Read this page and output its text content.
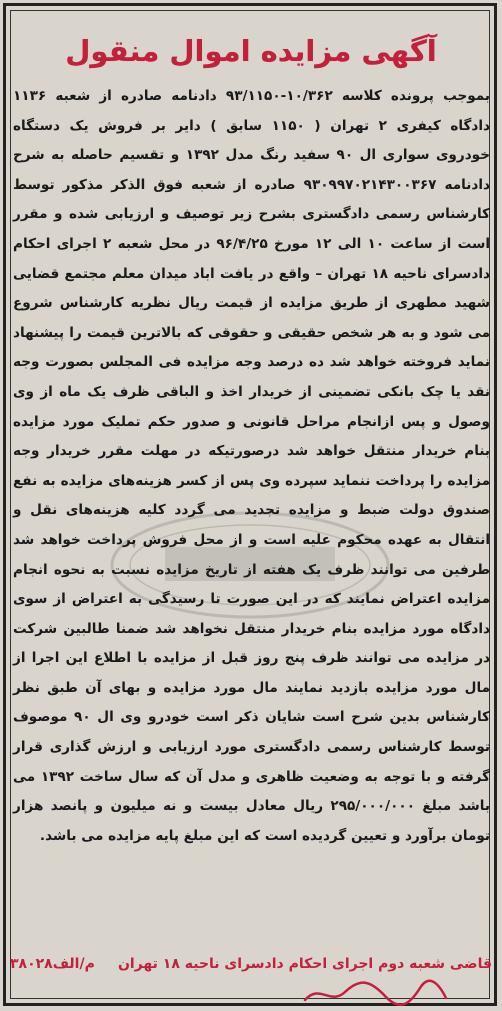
آگهی مزایده اموال منقول

بموجب پرونده کلاسه ۱۰/۳۶۲-۹۳/۱۱۵۰ دادنامه صادره از شعبه ۱۱۳۶ دادگاه کیفری ۲ تهران ( ۱۱۵۰ سابق ) دایر بر فروش یک دستگاه خودروی سواری ال ۹۰ سفید رنگ مدل ۱۳۹۲ و تقسیم حاصله به شرح دادنامه ۹۳۰۹۹۷۰۲۱۴۳۰۰۳۶۷ صادره از شعبه فوق الذکر مذکور توسط کارشناس رسمی دادگستری بشرح زیر توصیف و ارزیابی شده و مقرر است از ساعت ۱۰ الی ۱۲ مورخ ۹۶/۴/۲۵ در محل شعبه ۲ اجرای احکام دادسرای ناحیه ۱۸ تهران – واقع در یافت اباد میدان معلم مجتمع قضایی شهید مطهری از طریق مزایده از قیمت ریال نظریه کارشناس شروع می شود و به هر شخص حقیقی و حقوقی که بالاترین قیمت را پیشنهاد نماید فروخته خواهد شد ده درصد وجه مزایده فی المجلس بصورت وجه نقد یا چک بانکی تضمینی از خریدار اخذ و الباقی ظرف یک ماه از وی وصول و پس ازانجام مراحل قانونی و صدور حکم تملیک مورد مزایده بنام خریدار منتقل خواهد شد درصورتیکه در مهلت مقرر خریدار وجه مزایده را پرداخت ننماید سپرده وی پس از کسر هزینه‌های مزایده به نفع صندوق دولت ضبط و مزایده تجدید می گردد کلیه هزینه‌های نقل و انتقال به عهده محکوم علیه است و از محل فروش پرداخت خواهد شد طرفین می توانند ظرف یک هفته از تاریخ مزایده نسبت به نحوه انجام مزایده اعتراض نمایند که در این صورت تا رسیدگی به اعتراض از سوی دادگاه مورد مزایده بنام خریدار منتقل نخواهد شد ضمنا طالبین شرکت در مزایده می توانند ظرف پنج روز قبل از مزایده با اطلاع این اجرا از مال مورد مزایده بازدید نمایند مال مورد مزایده و بهای آن طبق نظر کارشناس بدین شرح است شایان ذکر است خودرو وی ال ۹۰ موصوف توسط کارشناس رسمی دادگستری مورد ارزیابی و ارزش گذاری قرار گرفته و با توجه به وضعیت ظاهری و مدل آن که سال ساخت ۱۳۹۲ می باشد مبلغ ۲۹۵/۰۰۰/۰۰۰ ریال معادل بیست و نه میلیون و پانصد هزار تومان برآورد و تعیین گردیده است که این مبلغ پایه مزایده می باشد.

قاضی شعبه دوم اجرای احکام دادسرای ناحیه ۱۸ تهران
۳۸۰۲۸م/الف
